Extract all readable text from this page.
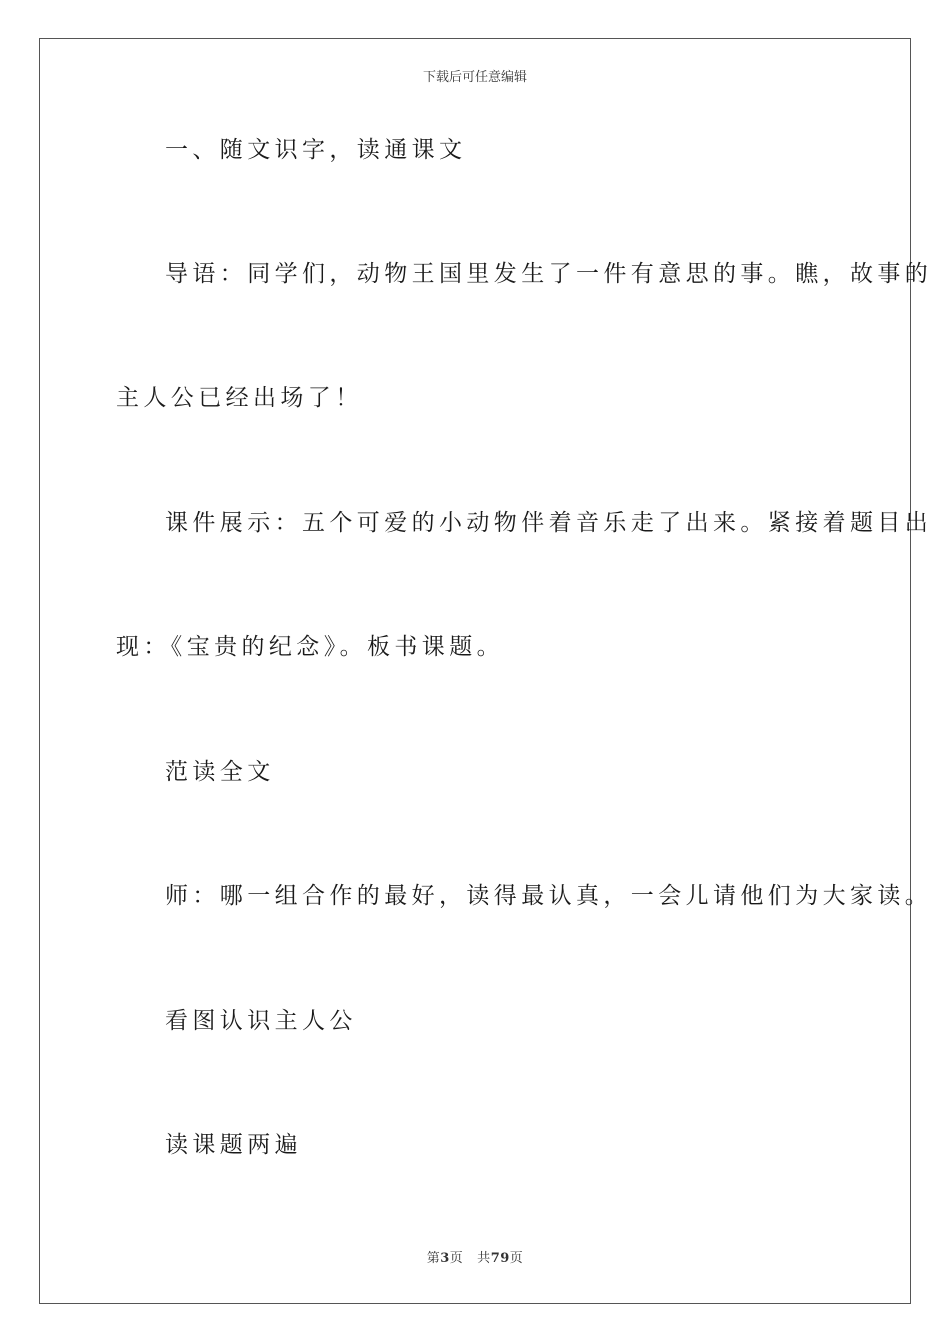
下载后可任意编辑
一、随文识字，读通课文
导语：同学们，动物王国里发生了一件有意思的事。瞧，故事的
主人公已经出场了！
课件展示：五个可爱的小动物伴着音乐走了出来。紧接着题目出
现：《宝贵的纪念》。板书课题。
范读全文
师：哪一组合作的最好，读得最认真，一会儿请他们为大家读。
看图认识主人公
读课题两遍
第3页 共79页
